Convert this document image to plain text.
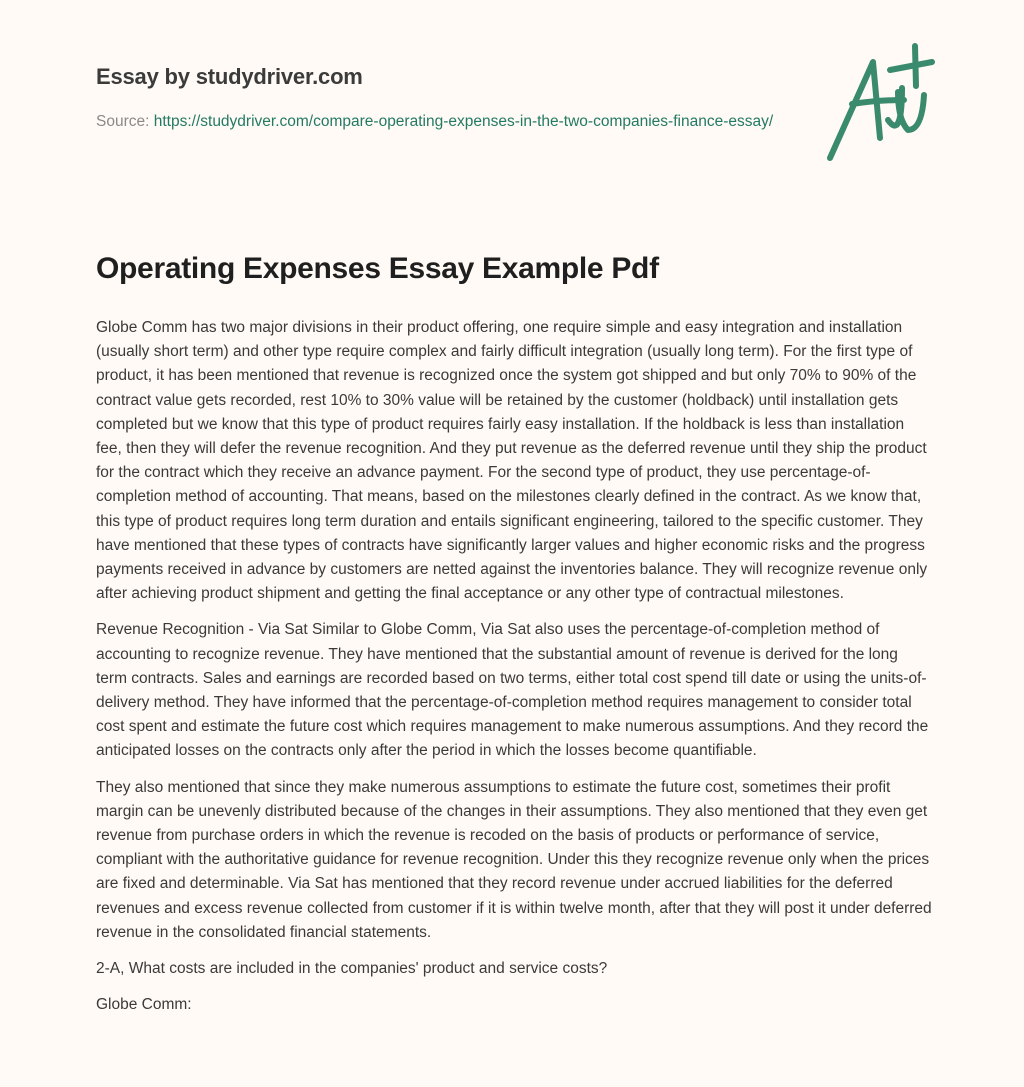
Essay by studydriver.com
Source: https://studydriver.com/compare-operating-expenses-in-the-two-companies-finance-essay/
Operating Expenses Essay Example Pdf

Globe Comm has two major divisions in their product offering, one require simple and easy integration and installation (usually short term) and other type require complex and fairly difficult integration (usually long term). For the first type of product, it has been mentioned that revenue is recognized once the system got shipped and but only 70% to 90% of the contract value gets recorded, rest 10% to 30% value will be retained by the customer (holdback) until installation gets completed but we know that this type of product requires fairly easy installation. If the holdback is less than installation fee, then they will defer the revenue recognition. And they put revenue as the deferred revenue until they ship the product for the contract which they receive an advance payment. For the second type of product, they use percentage-of-completion method of accounting. That means, based on the milestones clearly defined in the contract. As we know that, this type of product requires long term duration and entails significant engineering, tailored to the specific customer. They have mentioned that these types of contracts have significantly larger values and higher economic risks and the progress payments received in advance by customers are netted against the inventories balance. They will recognize revenue only after achieving product shipment and getting the final acceptance or any other type of contractual milestones.

Revenue Recognition - Via Sat Similar to Globe Comm, Via Sat also uses the percentage-of-completion method of accounting to recognize revenue. They have mentioned that the substantial amount of revenue is derived for the long term contracts. Sales and earnings are recorded based on two terms, either total cost spend till date or using the units-of-delivery method. They have informed that the percentage-of-completion method requires management to consider total cost spent and estimate the future cost which requires management to make numerous assumptions. And they record the anticipated losses on the contracts only after the period in which the losses become quantifiable.

They also mentioned that since they make numerous assumptions to estimate the future cost, sometimes their profit margin can be unevenly distributed because of the changes in their assumptions. They also mentioned that they even get revenue from purchase orders in which the revenue is recoded on the basis of products or performance of service, compliant with the authoritative guidance for revenue recognition. Under this they recognize revenue only when the prices are fixed and determinable. Via Sat has mentioned that they record revenue under accrued liabilities for the deferred revenues and excess revenue collected from customer if it is within twelve month, after that they will post it under deferred revenue in the consolidated financial statements.

2-A, What costs are included in the companies' product and service costs?

Globe Comm:
